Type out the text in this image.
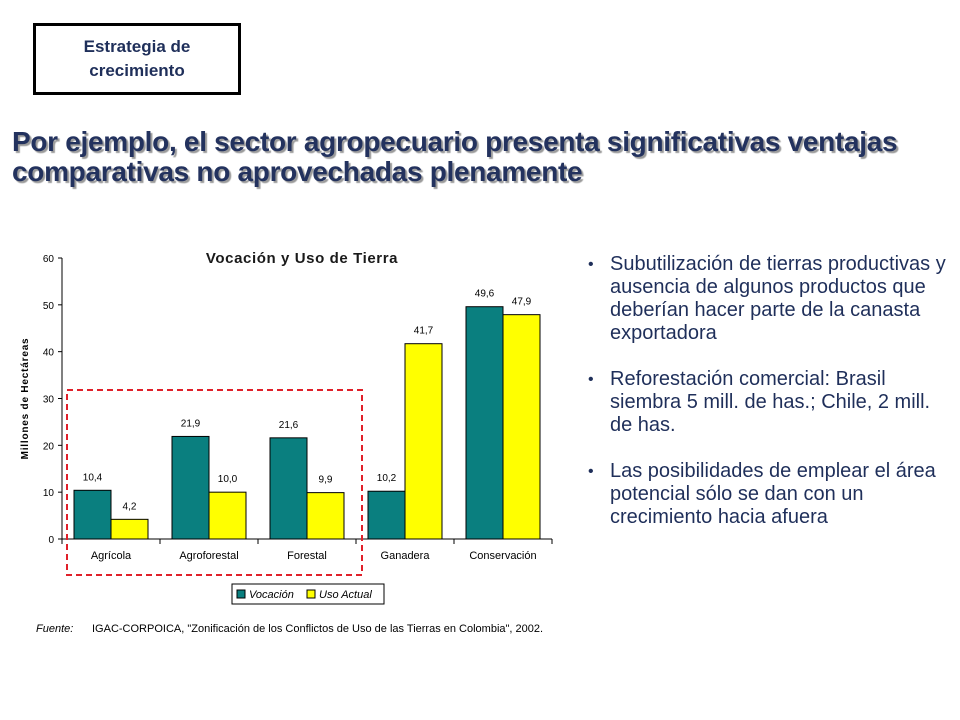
Estrategia de crecimiento
Por ejemplo, el sector agropecuario presenta significativas ventajas comparativas no aprovechadas plenamente
Vocación y Uso de Tierra
0
10
20
30
40
50
60
Millones de Hectáreas
10,4
4,2
Agrícola
21,9
10,0
Agroforestal
21,6
9,9
Forestal
10,2
41,7
Ganadera
49,6
47,9
Conservación
Vocación Uso Actual
• Subutilización de tierras productivas y ausencia de algunos productos que deberían hacer parte de la canasta exportadora
• Reforestación comercial: Brasil siembra 5 mill. de has.; Chile, 2 mill. de has.
• Las posibilidades de emplear el área potencial sólo se dan con un crecimiento hacia afuera
Fuente:	IGAC-CORPOICA, "Zonificación de los Conflictos de Uso de las Tierras en Colombia", 2002.
